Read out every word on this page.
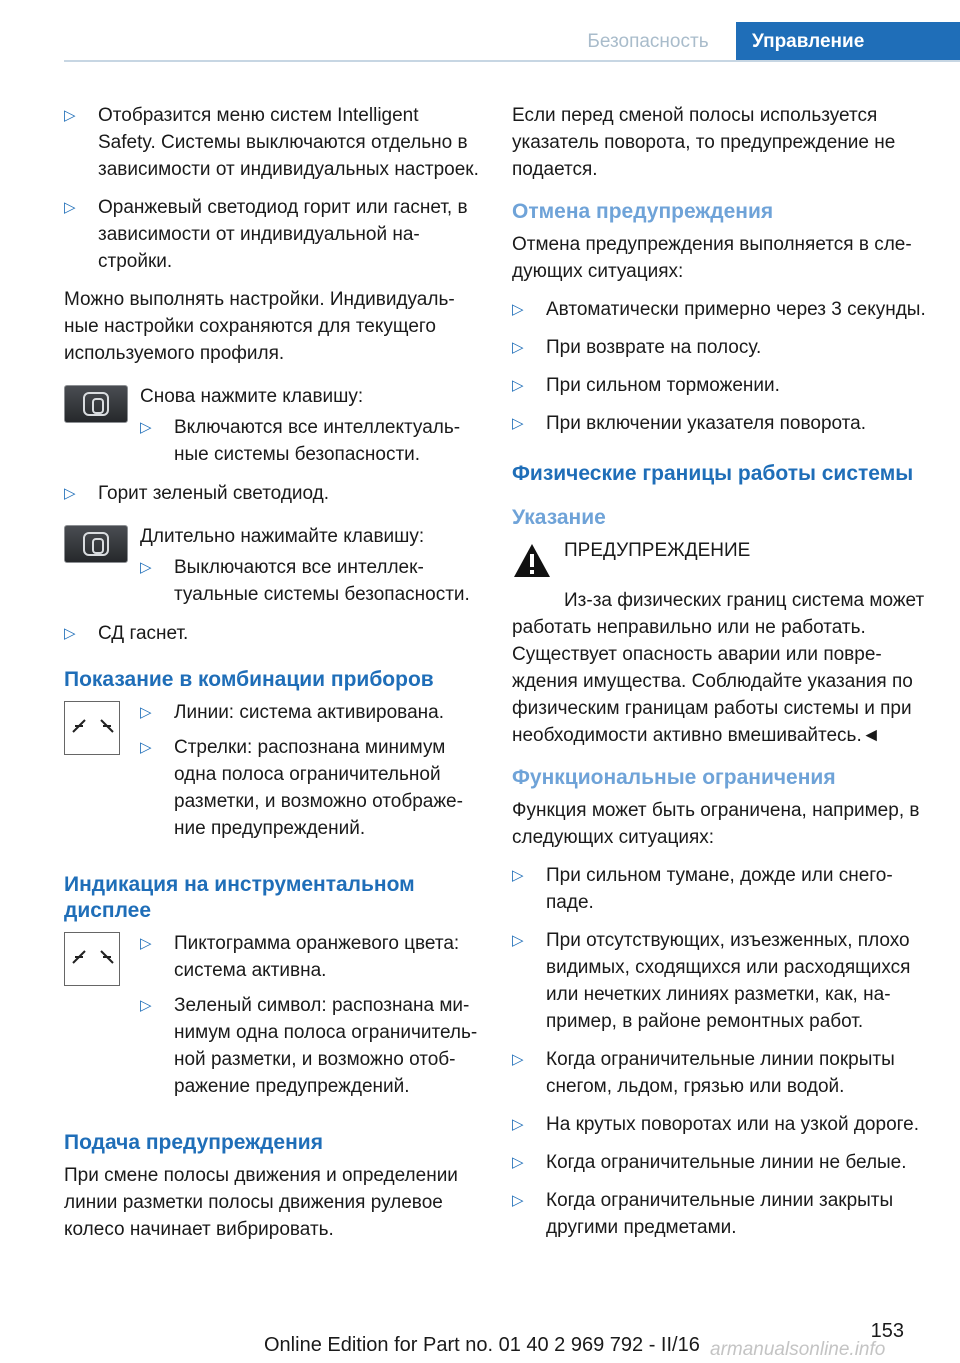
Безопасность	Управление
▷	Отобразится меню систем Intelligent Safety. Системы выключаются отдельно в зависимости от индивидуальных настроек.
▷	Оранжевый светодиод горит или гаснет, в зависимости от индивидуальной настройки.

Можно выполнять настройки. Индивидуальные настройки сохраняются для текущего используемого профиля.

Снова нажмите клавишу:
▷ Включаются все интеллектуальные системы безопасности.
▷	Горит зеленый светодиод.
Длительно нажимайте клавишу:
▷ Выключаются все интеллектуальные системы безопасности.
▷	СД гаснет.
Показание в комбинации приборов
▷ Линии: система активирована.
▷ Стрелки: распознана минимум одна полоса ограничительной разметки, и возможно отображение предупреждений.
Индикация на инструментальном дисплее
▷ Пиктограмма оранжевого цвета: система активна.
▷ Зеленый символ: распознана минимум одна полоса ограничительной разметки, и возможно отображение предупреждений.
Подача предупреждения

При смене полосы движения и определении линии разметки полосы движения рулевое колесо начинает вибрировать.

Если перед сменой полосы используется указатель поворота, то предупреждение не подается.

Отмена предупреждения

Отмена предупреждения выполняется в следующих ситуациях:

▷	Автоматически примерно через 3 секунды.
▷	При возврате на полосу.
▷	При сильном торможении.
▷	При включении указателя поворота.
Физические границы работы системы
Указание
ПРЕДУПРЕЖДЕНИЕ

Из-за физических границ система может работать неправильно или не работать. Существует опасность аварии или повреждения имущества. Соблюдайте указания по физическим границам работы системы и при необходимости активно вмешивайтесь.◄

Функциональные ограничения

Функция может быть ограничена, например, в следующих ситуациях:

▷	При сильном тумане, дожде или снегопаде.
▷	При отсутствующих, изъезженных, плохо видимых, сходящихся или расходящихся или нечетких линиях разметки, как, например, в районе ремонтных работ.
▷	Когда ограничительные линии покрыты снегом, льдом, грязью или водой.
▷	На крутых поворотах или на узкой дороге.
▷	Когда ограничительные линии не белые.
▷	Когда ограничительные линии закрыты другими предметами.
153
Online Edition for Part no. 01 40 2 969 792 - II/16 armanualsonline.info
